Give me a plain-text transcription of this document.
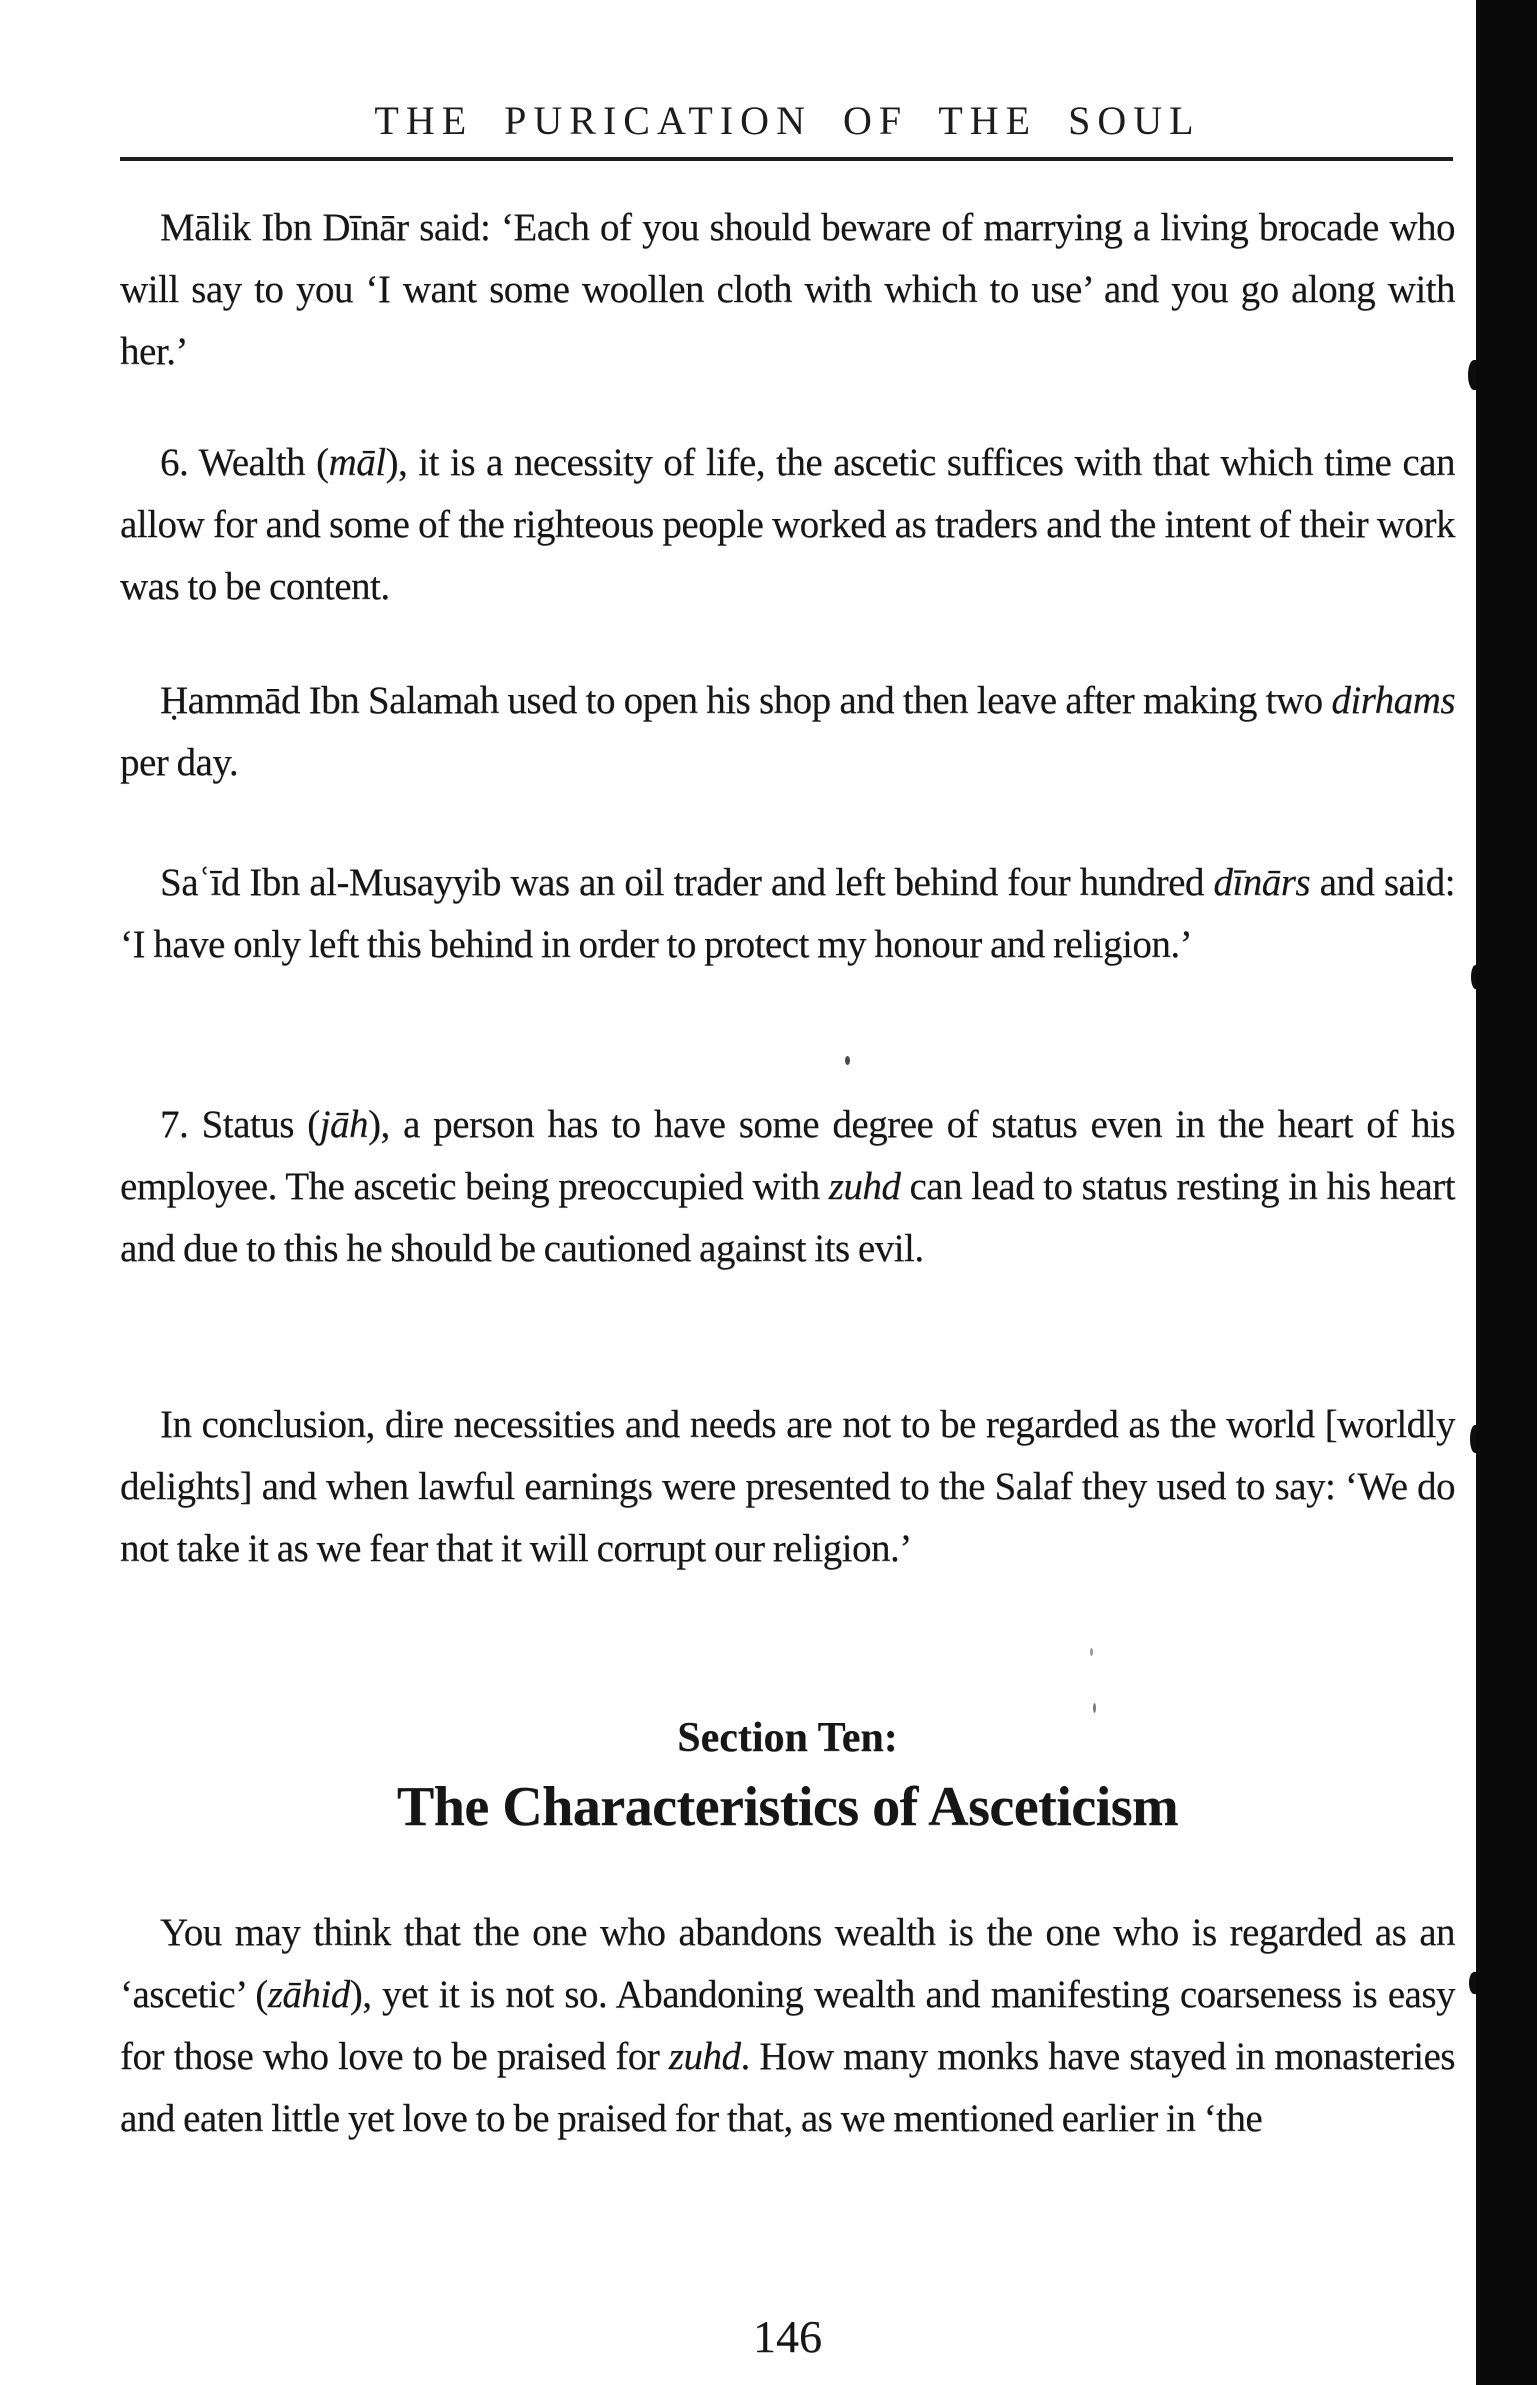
THE PURICATION OF THE SOUL

Mālik Ibn Dīnār said: ‘Each of you should beware of marrying a living brocade who will say to you ‘I want some woollen cloth with which to use’ and you go along with her.’

6. Wealth (māl), it is a necessity of life, the ascetic suffices with that which time can allow for and some of the righteous people worked as traders and the intent of their work was to be content.

Ḥammād Ibn Salamah used to open his shop and then leave after making two dirhams per day.

Saʿīd Ibn al-Musayyib was an oil trader and left behind four hundred dīnārs and said: ‘I have only left this behind in order to protect my honour and religion.’

7. Status (jāh), a person has to have some degree of status even in the heart of his employee. The ascetic being preoccupied with zuhd can lead to status resting in his heart and due to this he should be cautioned against its evil.

In conclusion, dire necessities and needs are not to be regarded as the world [worldly delights] and when lawful earnings were presented to the Salaf they used to say: ‘We do not take it as we fear that it will corrupt our religion.’

Section Ten:
The Characteristics of Asceticism

You may think that the one who abandons wealth is the one who is regarded as an ‘ascetic’ (zāhid), yet it is not so. Abandoning wealth and manifesting coarseness is easy for those who love to be praised for zuhd. How many monks have stayed in monasteries and eaten little yet love to be praised for that, as we mentioned earlier in ‘the

146
